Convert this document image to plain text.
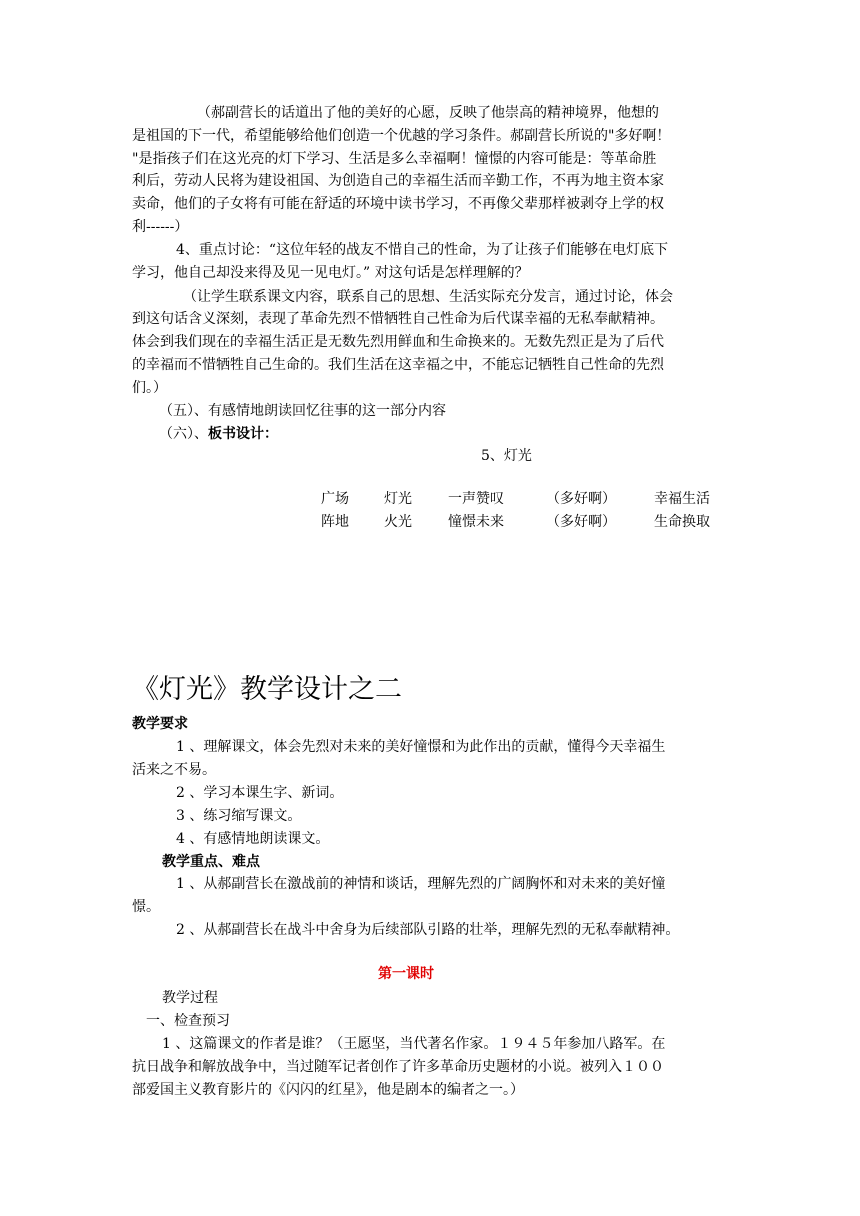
（郝副营长的话道出了他的美好的心愿，反映了他崇高的精神境界，他想的
是祖国的下一代，希望能够给他们创造一个优越的学习条件。郝副营长所说的"多好啊！
"是指孩子们在这光亮的灯下学习、生活是多么幸福啊！憧憬的内容可能是：等革命胜
利后，劳动人民将为建设祖国、为创造自己的幸福生活而辛勤工作，不再为地主资本家
卖命，他们的子女将有可能在舒适的环境中读书学习，不再像父辈那样被剥夺上学的权
利------）
4、重点讨论：“这位年轻的战友不惜自己的性命，为了让孩子们能够在电灯底下
学习，他自己却没来得及见一见电灯。” 对这句话是怎样理解的？
（让学生联系课文内容，联系自己的思想、生活实际充分发言，通过讨论，体会
到这句话含义深刻，表现了革命先烈不惜牺牲自己性命为后代谋幸福的无私奉献精神。
体会到我们现在的幸福生活正是无数先烈用鲜血和生命换来的。无数先烈正是为了后代
的幸福而不惜牺牲自己生命的。我们生活在这幸福之中，不能忘记牺牲自己性命的先烈
们。）
（五）、有感情地朗读回忆往事的这一部分内容
（六）、板书设计：
5、灯光
广场	灯光	一声赞叹	（多好啊）	幸福生活
阵地	火光	憧憬未来	（多好啊）	生命换取
《灯光》教学设计之二
教学要求
1 、理解课文，体会先烈对未来的美好憧憬和为此作出的贡献，懂得今天幸福生
活来之不易。
2 、学习本课生字、新词。
3 、练习缩写课文。
4 、有感情地朗读课文。
教学重点、难点
1 、从郝副营长在激战前的神情和谈话，理解先烈的广阔胸怀和对未来的美好憧
憬。
2 、从郝副营长在战斗中舍身为后续部队引路的壮举，理解先烈的无私奉献精神。
第一课时
教学过程
一、检查预习
1 、这篇课文的作者是谁？（王愿坚，当代著名作家。１９４５年参加八路军。在
抗日战争和解放战争中，当过随军记者创作了许多革命历史题材的小说。被列入１００
部爱国主义教育影片的《闪闪的红星》，他是剧本的编者之一。）
